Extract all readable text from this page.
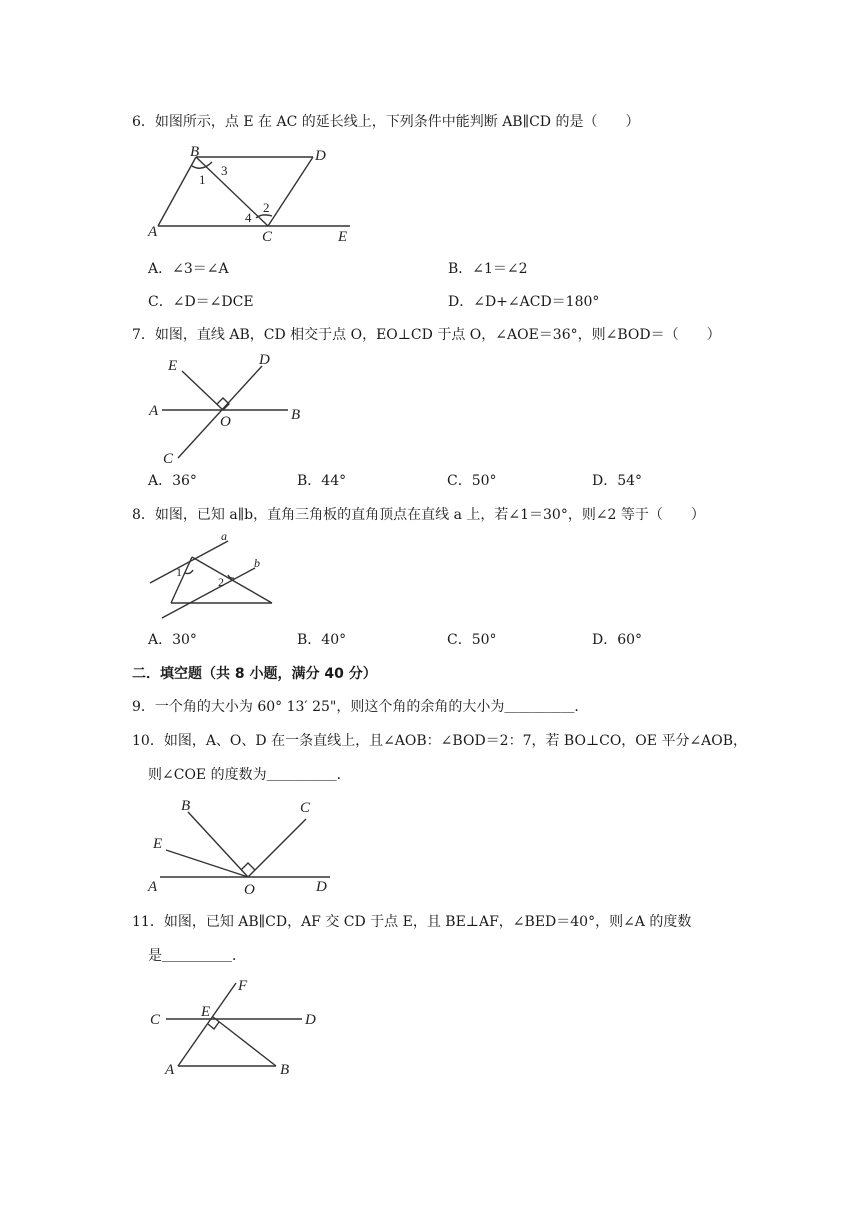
6．如图所示，点 E 在 AC 的延长线上，下列条件中能判断 AB∥CD 的是（　　）
B	D
A	C	E
1
3
2
4
A．∠3＝∠A	B．∠1＝∠2
C．∠D＝∠DCE	D．∠D+∠ACD＝180°
7．如图，直线 AB，CD 相交于点 O，EO⊥CD 于点 O，∠AOE＝36°，则∠BOD＝（　　）
E	D
A
O	B
C
A．36°	B．44°	C．50°	D．54°
8．如图，已知 a∥b，直角三角板的直角顶点在直线 a 上，若∠1＝30°，则∠2 等于（　　）
a
b
1
2
A．30°	B．40°	C．50°	D．60°
二．填空题（共 8 小题，满分 40 分）
9．一个角的大小为 60° 13′ 25"，则这个角的余角的大小为＿＿＿＿＿．
10．如图，A、O、D 在一条直线上，且∠AOB：∠BOD＝2：7，若 BO⊥CO，OE 平分∠AOB，
则∠COE 的度数为＿＿＿＿＿．
B	C
E
A	O	D
11．如图，已知 AB∥CD，AF 交 CD 于点 E，且 BE⊥AF，∠BED＝40°，则∠A 的度数
是＿＿＿＿＿．
F
C	E	D
A	B
